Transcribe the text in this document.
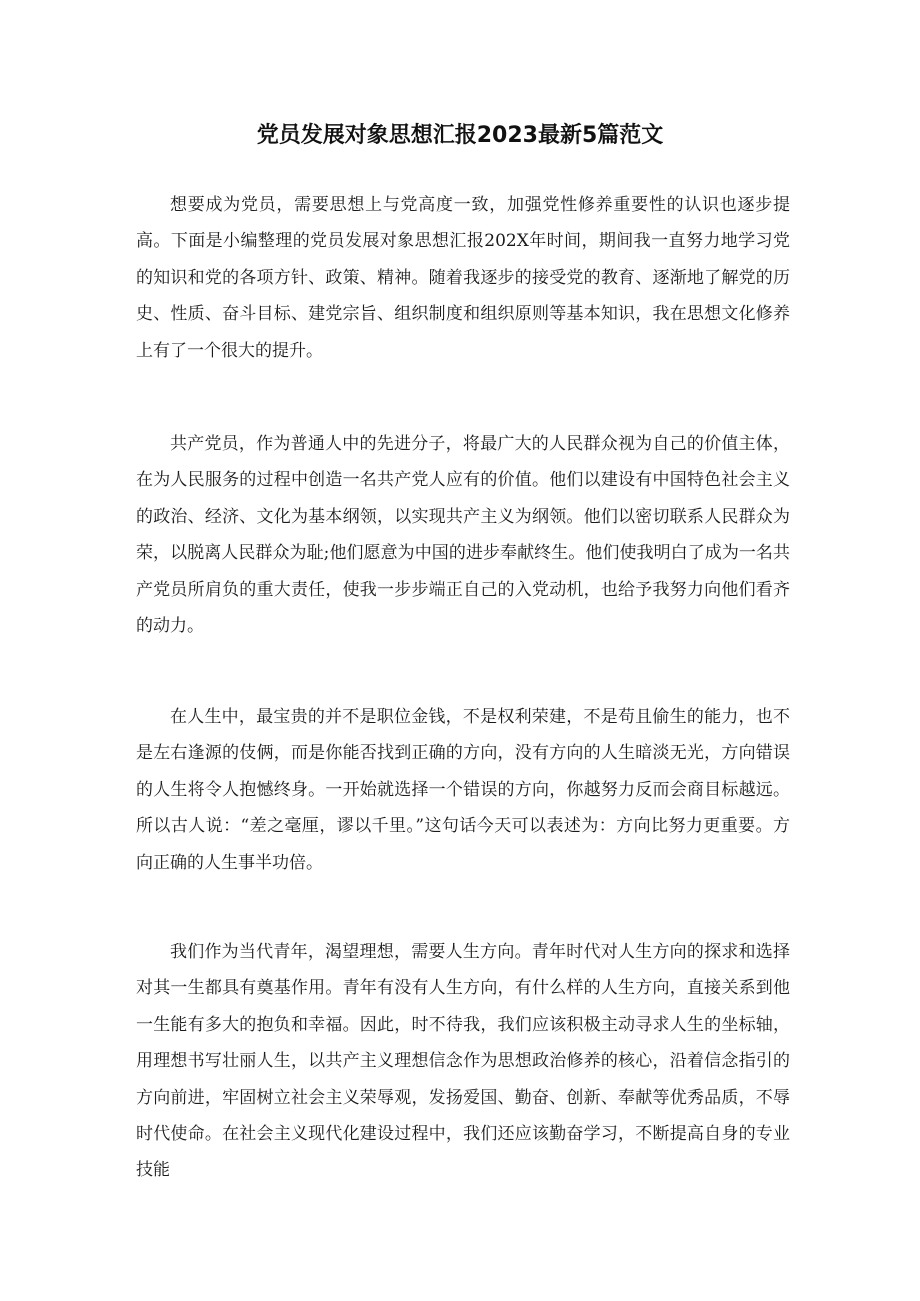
党员发展对象思想汇报2023最新5篇范文

想要成为党员，需要思想上与党高度一致，加强党性修养重要性的认识也逐步提高。下面是小编整理的党员发展对象思想汇报202X年时间，期间我一直努力地学习党的知识和党的各项方针、政策、精神。随着我逐步的接受党的教育、逐渐地了解党的历史、性质、奋斗目标、建党宗旨、组织制度和组织原则等基本知识，我在思想文化修养上有了一个很大的提升。

共产党员，作为普通人中的先进分子，将最广大的人民群众视为自己的价值主体，在为人民服务的过程中创造一名共产党人应有的价值。他们以建设有中国特色社会主义的政治、经济、文化为基本纲领，以实现共产主义为纲领。他们以密切联系人民群众为荣，以脱离人民群众为耻;他们愿意为中国的进步奉献终生。他们使我明白了成为一名共产党员所肩负的重大责任，使我一步步端正自己的入党动机，也给予我努力向他们看齐的动力。

在人生中，最宝贵的并不是职位金钱，不是权利荣建，不是苟且偷生的能力，也不是左右逢源的伎俩，而是你能否找到正确的方向，没有方向的人生暗淡无光，方向错误的人生将令人抱憾终身。一开始就选择一个错误的方向，你越努力反而会商目标越远。所以古人说：“差之毫厘，谬以千里。”这句话今天可以表述为：方向比努力更重要。方向正确的人生事半功倍。

我们作为当代青年，渴望理想，需要人生方向。青年时代对人生方向的探求和选择对其一生都具有奠基作用。青年有没有人生方向，有什么样的人生方向，直接关系到他一生能有多大的抱负和幸福。因此，时不待我，我们应该积极主动寻求人生的坐标轴，用理想书写壮丽人生，以共产主义理想信念作为思想政治修养的核心，沿着信念指引的方向前进，牢固树立社会主义荣辱观，发扬爱国、勤奋、创新、奉献等优秀品质，不辱时代使命。在社会主义现代化建设过程中，我们还应该勤奋学习，不断提高自身的专业技能
